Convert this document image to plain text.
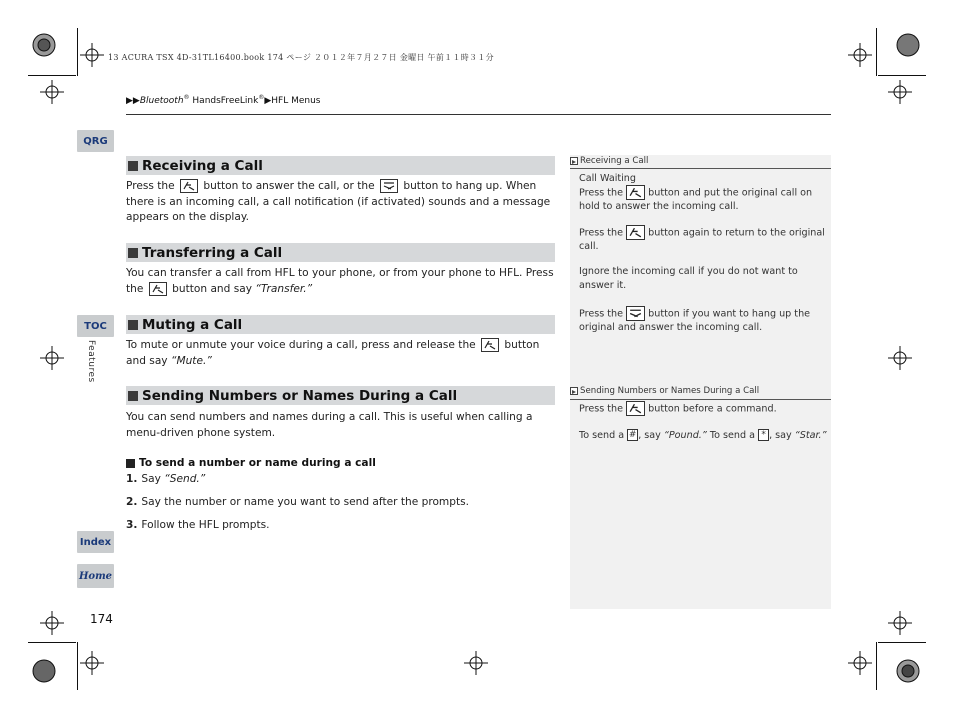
13 ACURA TSX 4D-31TL16400.book 174 ページ ２０１２年７月２７日 金曜日 午前１１時３１分
▶▶Bluetooth® HandsFreeLink®▶HFL Menus
QRG
TOC
Features
Index
Home
174
Receiving a Call
Press the
button to answer the call, or the
button to hang up. When there is an incoming call, a call notification (if activated) sounds and a message appears on the display.
Transferring a Call
You can transfer a call from HFL to your phone, or from your phone to HFL. Press the
button and say “Transfer.”
Muting a Call
To mute or unmute your voice during a call, press and release the
button and say “Mute.”
Sending Numbers or Names During a Call
You can send numbers and names during a call. This is useful when calling a menu-driven phone system.
To send a number or name during a call
1. Say “Send.”
2. Say the number or name you want to send after the prompts.
3. Follow the HFL prompts.
Receiving a Call
Call Waiting
Press the
button and put the original call on hold to answer the incoming call.
Press the
button again to return to the original call.
Ignore the incoming call if you do not want to answer it.
Press the
button if you want to hang up the original and answer the incoming call.
Sending Numbers or Names During a Call
Press the
button before a command.
To send a # , say “Pound.” To send a * , say “Star.”
